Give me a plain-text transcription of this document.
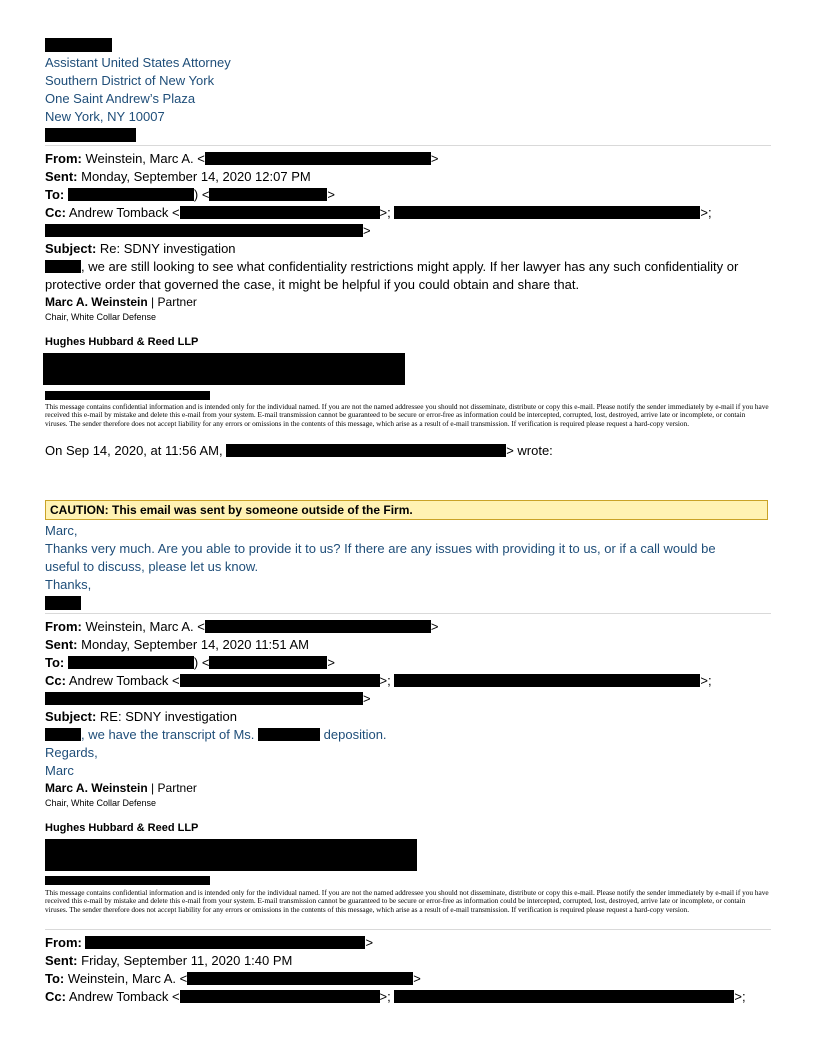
Assistant United States Attorney
Southern District of New York
One Saint Andrew’s Plaza
New York, NY 10007
From: Weinstein, Marc A. <	>
Sent: Monday, September 14, 2020 12:07 PM
To:	) <	>
Cc: Andrew Tomback <	>;	>;
>
Subject: Re: SDNY investigation
, we are still looking to see what confidentiality restrictions might apply. If her lawyer has any such confidentiality or
protective order that governed the case, it might be helpful if you could obtain and share that.
Marc A. Weinstein | Partner
Chair, White Collar Defense
Hughes Hubbard & Reed LLP
This message contains confidential information and is intended only for the individual named. If you are not the named addressee you should not disseminate, distribute or copy this e-mail. Please notify the sender immediately by e-mail if you have received this e-mail by mistake and delete this e-mail from your system. E-mail transmission cannot be guaranteed to be secure or error-free as information could be intercepted, corrupted, lost, destroyed, arrive late or incomplete, or contain viruses. The sender therefore does not accept liability for any errors or omissions in the contents of this message, which arise as a result of e-mail transmission. If verification is required please request a hard-copy version.
On Sep 14, 2020, at 11:56 AM,	> wrote:
CAUTION: This email was sent by someone outside of the Firm.
Marc,
Thanks very much. Are you able to provide it to us? If there are any issues with providing it to us, or if a call would be
useful to discuss, please let us know.
Thanks,
From: Weinstein, Marc A. <	>
Sent: Monday, September 14, 2020 11:51 AM
To:	) <	>
Cc: Andrew Tomback <	>;	>;
>
Subject: RE: SDNY investigation
, we have the transcript of Ms.	deposition.
Regards,
Marc
Marc A. Weinstein | Partner
Chair, White Collar Defense
Hughes Hubbard & Reed LLP
This message contains confidential information and is intended only for the individual named. If you are not the named addressee you should not disseminate, distribute or copy this e-mail. Please notify the sender immediately by e-mail if you have received this e-mail by mistake and delete this e-mail from your system. E-mail transmission cannot be guaranteed to be secure or error-free as information could be intercepted, corrupted, lost, destroyed, arrive late or incomplete, or contain viruses. The sender therefore does not accept liability for any errors or omissions in the contents of this message, which arise as a result of e-mail transmission. If verification is required please request a hard-copy version.
From:	>
Sent: Friday, September 11, 2020 1:40 PM
To: Weinstein, Marc A. <	>
Cc: Andrew Tomback <	>;	>;
